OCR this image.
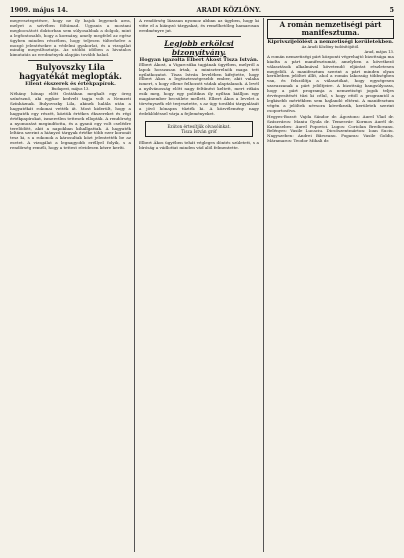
1909. május 14.	ARADI KÖZLÖNY.	5

megvesztegetésre, hogy ne ily bajok legyenek arra, melyet a szívében föltámad. Ugyanis a mostani megbocsátott doktorban sem súlyosabbak a dolgok, mint a legfontosabb, hogy a kormány, amely megfelel az egész ügyben minden részében, hogy teljesen túlterhelve a mozgó jelentésekre a védelmi gyakorlat, és a vizsgálat mindig megváltoztatja. Az utóbbi időben a hivatalos kimutatás az eredmények alapján tovább halad.

Bulyovszky Lila hagyatékát meglopták.
Ellent ékszerek és értékpapírok.
Budapest, május 13.

Néhány hónap előtt Grátában meghalt egy öreg színésznő, aki egykor kedvelt tagja volt a Nemzeti Színháznak. Bulyovszky Lila, akinek halála után a hagyatékát rokonai vették át. Most kiderült, hogy a hagyaték egy részét, köztük értékes ékszereket és régi értékpapírokat, ismeretlen tettesek ellopták. A rendőrség a nyomozást megindította, és a gyanú egy volt cselédre terelődött, akit a napokban kihallgattak. A hagyaték leltára szerint a hiányzó tárgyak értéke több ezer koronát tesz ki, s a rokonok a károsultak közt jelentették be az esetet. A vizsgálat a legnagyobb eréllyel folyik, s a rendőrség reméli, hogy a tettest rövidesen kézre keríti.

A rendőrség lázasan nyomoz abban az ügyben, hogy ki vitte el a hiányzó tárgyakat, és remélhetőleg hamarosan eredményre jut.

Legjobb erkölcsi bizonyítvány.
Hogyan igazolta Elbert Ákost Tisza István.

Elbert Ákost, a Vigarcsűka tagjának ügyében, melyről a lapok hosszasan írtak, a miniszterelnök maga tett nyilatkozatot. Tisza István levelében kifejtette, hogy Elbert Ákos a legtisztességesebb ember, akit valaha ismert, s hogy ellene felhozott vádak alaptalanok. A levél a nyilvánosság előtt nagy feltűnést keltett, mert ritkán esik meg, hogy egy politikus ily nyíltan kiálljon egy magánember becsülete mellett. Elbert Ákos a levelet a törvényszék elé terjesztette, s az ügy további tárgyalását a jövő hónapra tűzték ki. A közvélemény nagy érdeklődéssel várja a fejleményeket.

Ezúton értesítjük olvasóinkat.
Tisza István gróf

Elbert Ákos ügyében tehát végleges döntés született, s a bíróság a vádlottat minden vád alól felmentette.

A román nemzetiségi párt manifesztuma.
Kiprivszijelölést a nemzetiségi kerületekben.
Az Aradi Közlöny tudósítójától.
Arad, május 13.

A román nemzetiségi párt központi végrehajtó bizottsága ma kiadta a párt manifesztumát, amelyben a következő választások alkalmával követendő eljárást részletesen megjelöli. A manifesztum szerint a párt minden olyan kerületben jelöltet állít, ahol a román lakosság többségben van, és felszólítja a választókat, hogy egységesen szavazzanak a párt jelöltjeire. A bizottság hangsúlyozza, hogy a párt programja a nemzetiségi jogok teljes érvényesítését tűzi ki célul, s hogy ettől a programtól a legkisebb mértékben sem hajlandó eltérni. A manifesztum végén a jelöltek névsora következik, kerületek szerint csoportosítva.

Hegyes-Bozsé: Vajda Sándor dr. Ágostons: Aurel Vlad dr. Szászváros: Maniu Gyula dr. Temesvár: Kormos Aurél dr. Karánsebes: Aurel Popovici. Lugos: Coriolan Brediceanu. Belényes: Vasile Lucaciu. Dicsőszentmárton: Ioan Suciu. Nagyszeben: Andrei Bârseanu. Fogaras: Vasile Goldiș. Máramaros: Teodor Mihali dr.
